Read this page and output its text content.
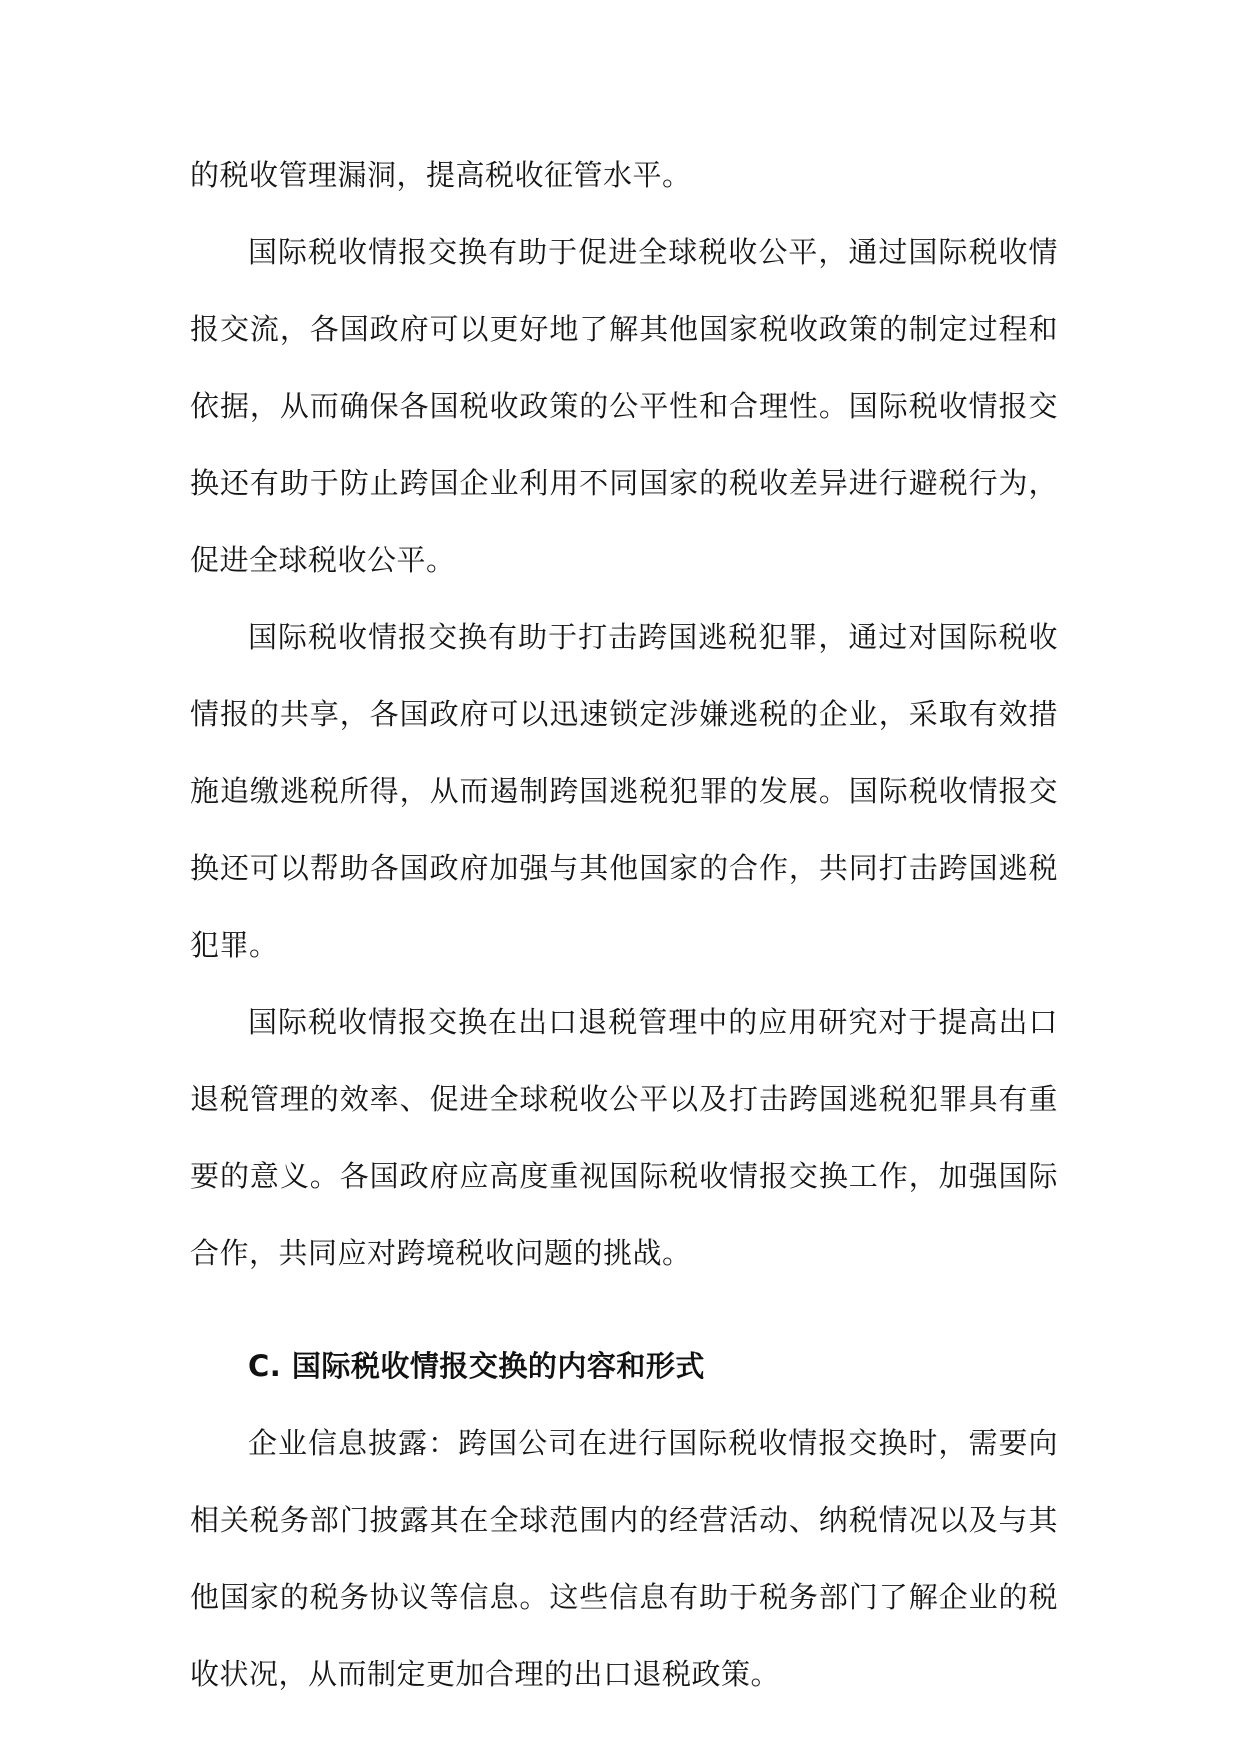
的税收管理漏洞，提高税收征管水平。

国际税收情报交换有助于促进全球税收公平，通过国际税收情报交流，各国政府可以更好地了解其他国家税收政策的制定过程和依据，从而确保各国税收政策的公平性和合理性。国际税收情报交换还有助于防止跨国企业利用不同国家的税收差异进行避税行为，促进全球税收公平。

国际税收情报交换有助于打击跨国逃税犯罪，通过对国际税收情报的共享，各国政府可以迅速锁定涉嫌逃税的企业，采取有效措施追缴逃税所得，从而遏制跨国逃税犯罪的发展。国际税收情报交换还可以帮助各国政府加强与其他国家的合作，共同打击跨国逃税犯罪。

国际税收情报交换在出口退税管理中的应用研究对于提高出口退税管理的效率、促进全球税收公平以及打击跨国逃税犯罪具有重要的意义。各国政府应高度重视国际税收情报交换工作，加强国际合作，共同应对跨境税收问题的挑战。

C. 国际税收情报交换的内容和形式

企业信息披露：跨国公司在进行国际税收情报交换时，需要向相关税务部门披露其在全球范围内的经营活动、纳税情况以及与其他国家的税务协议等信息。这些信息有助于税务部门了解企业的税收状况，从而制定更加合理的出口退税政策。
